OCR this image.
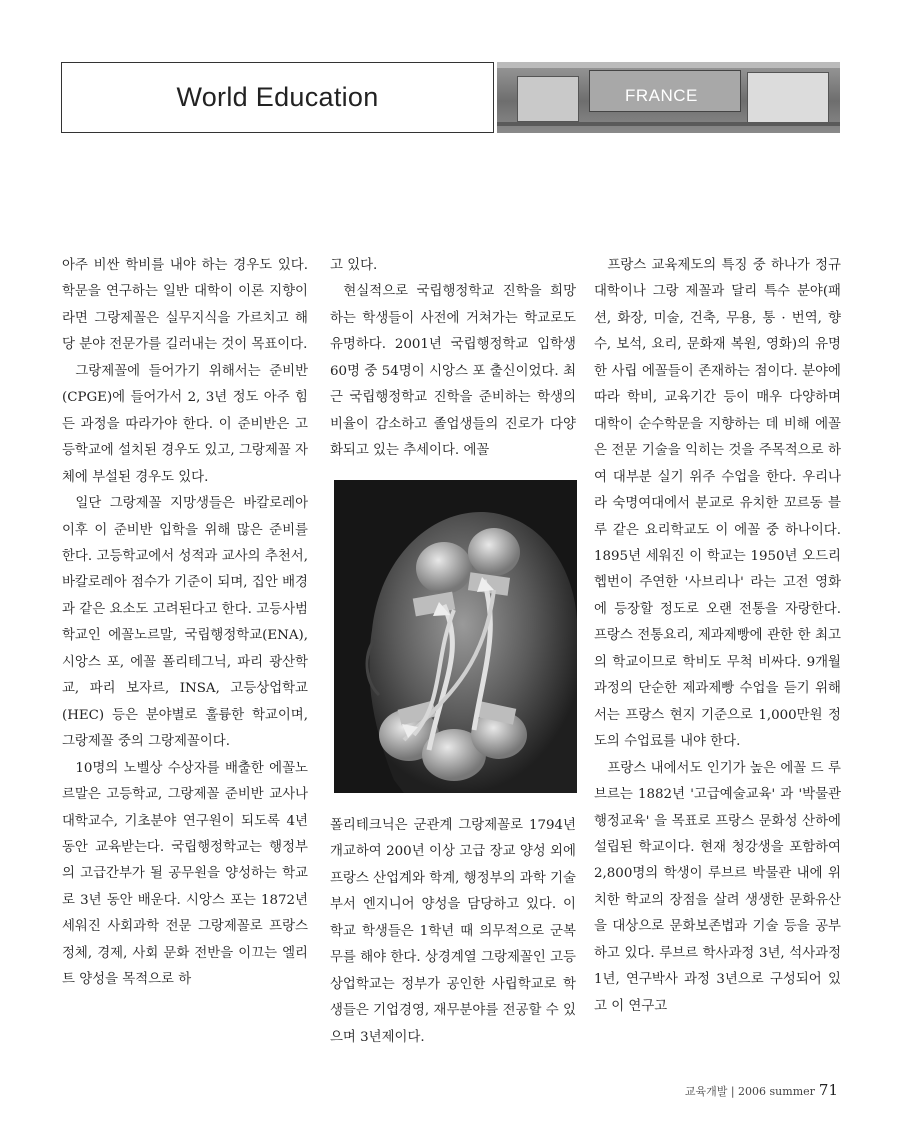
World Education	FRANCE

아주 비싼 학비를 내야 하는 경우도 있다. 학문을 연구하는 일반 대학이 이론 지향이라면 그랑제꼴은 실무지식을 가르치고 해당 분야 전문가를 길러내는 것이 목표이다.

그랑제꼴에 들어가기 위해서는 준비반(CPGE)에 들어가서 2, 3년 정도 아주 힘든 과정을 따라가야 한다. 이 준비반은 고등학교에 설치된 경우도 있고, 그랑제꼴 자체에 부설된 경우도 있다.

일단 그랑제꼴 지망생들은 바칼로레아 이후 이 준비반 입학을 위해 많은 준비를 한다. 고등학교에서 성적과 교사의 추천서, 바칼로레아 점수가 기준이 되며, 집안 배경과 같은 요소도 고려된다고 한다. 고등사범학교인 에꼴노르말, 국립행정학교(ENA), 시앙스 포, 에꼴 폴리테그닉, 파리 광산학교, 파리 보자르, INSA, 고등상업학교(HEC) 등은 분야별로 훌륭한 학교이며, 그랑제꼴 중의 그랑제꼴이다.

10명의 노벨상 수상자를 배출한 에꼴노르말은 고등학교, 그랑제꼴 준비반 교사나 대학교수, 기초분야 연구원이 되도록 4년 동안 교육받는다. 국립행정학교는 행정부의 고급간부가 될 공무원을 양성하는 학교로 3년 동안 배운다. 시앙스 포는 1872년 세워진 사회과학 전문 그랑제꼴로 프랑스 정체, 경제, 사회 문화 전반을 이끄는 엘리트 양성을 목적으로 하

고 있다.

현실적으로 국립행정학교 진학을 희망하는 학생들이 사전에 거쳐가는 학교로도 유명하다. 2001년 국립행정학교 입학생 60명 중 54명이 시앙스 포 출신이었다. 최근 국립행정학교 진학을 준비하는 학생의 비율이 감소하고 졸업생들의 진로가 다양화되고 있는 추세이다. 에꼴

폴리테크닉은 군관계 그랑제꼴로 1794년 개교하여 200년 이상 고급 장교 양성 외에 프랑스 산업계와 학계, 행정부의 과학 기술부서 엔지니어 양성을 담당하고 있다. 이 학교 학생들은 1학년 때 의무적으로 군복무를 해야 한다. 상경계열 그랑제꼴인 고등상업학교는 정부가 공인한 사립학교로 학생들은 기업경영, 재무분야를 전공할 수 있으며 3년제이다.

프랑스 교육제도의 특징 중 하나가 정규 대학이나 그랑 제꼴과 달리 특수 분야(패션, 화장, 미술, 건축, 무용, 통 · 번역, 향수, 보석, 요리, 문화재 복원, 영화)의 유명한 사립 에꼴들이 존재하는 점이다. 분야에 따라 학비, 교육기간 등이 매우 다양하며 대학이 순수학문을 지향하는 데 비해 에꼴은 전문 기술을 익히는 것을 주목적으로 하여 대부분 실기 위주 수업을 한다. 우리나라 숙명여대에서 분교로 유치한 꼬르동 블루 같은 요리학교도 이 에꼴 중 하나이다. 1895년 세워진 이 학교는 1950년 오드리 헵번이 주연한 '사브리나' 라는 고전 영화에 등장할 정도로 오랜 전통을 자랑한다. 프랑스 전통요리, 제과제빵에 관한 한 최고의 학교이므로 학비도 무척 비싸다. 9개월 과정의 단순한 제과제빵 수업을 듣기 위해서는 프랑스 현지 기준으로 1,000만원 정도의 수업료를 내야 한다.

프랑스 내에서도 인기가 높은 에꼴 드 루브르는 1882년 '고급예술교육' 과 '박물관 행정교육' 을 목표로 프랑스 문화성 산하에 설립된 학교이다. 현재 청강생을 포함하여 2,800명의 학생이 루브르 박물관 내에 위치한 학교의 장점을 살려 생생한 문화유산을 대상으로 문화보존법과 기술 등을 공부하고 있다. 루브르 학사과정 3년, 석사과정 1년, 연구박사 과정 3년으로 구성되어 있고 이 연구고

교육개발 | 2006 summer 71
